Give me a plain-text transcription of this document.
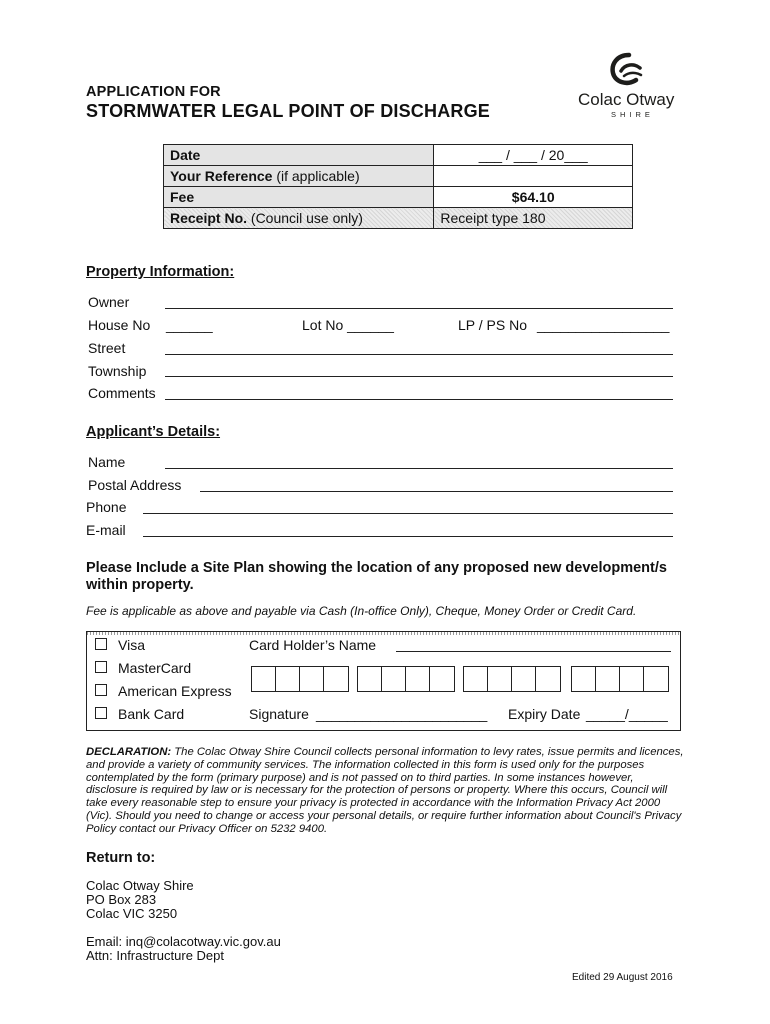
APPLICATION FOR
STORMWATER LEGAL POINT OF DISCHARGE
Colac Otway
SHIRE
Date	___ / ___ / 20___
Your Reference (if applicable)	
Fee	$64.10
Receipt No. (Council use only)	Receipt type 180
Property Information:
Owner
House No ______	Lot No ______	LP / PS No _________________
Street
Township
Comments
Applicant’s Details:
Name
Postal Address
Phone
E-mail
Please Include a Site Plan showing the location of any proposed new development/s within property.
Fee is applicable as above and payable via Cash (In-office Only), Cheque, Money Order or Credit Card.
Visa
MasterCard
American Express
Bank Card
Card Holder’s Name
Signature ______________________ Expiry Date _____/_____
DECLARATION: The Colac Otway Shire Council collects personal information to levy rates, issue permits and licences, and provide a variety of community services. The information collected in this form is used only for the purposes contemplated by the form (primary purpose) and is not passed on to third parties. In some instances however, disclosure is required by law or is necessary for the protection of persons or property. Where this occurs, Council will take every reasonable step to ensure your privacy is protected in accordance with the Information Privacy Act 2000 (Vic). Should you need to change or access your personal details, or require further information about Council's Privacy Policy contact our Privacy Officer on 5232 9400.
Return to:
Colac Otway Shire
PO Box 283
Colac VIC 3250
Email: inq@colacotway.vic.gov.au
Attn: Infrastructure Dept
Edited 29 August 2016
